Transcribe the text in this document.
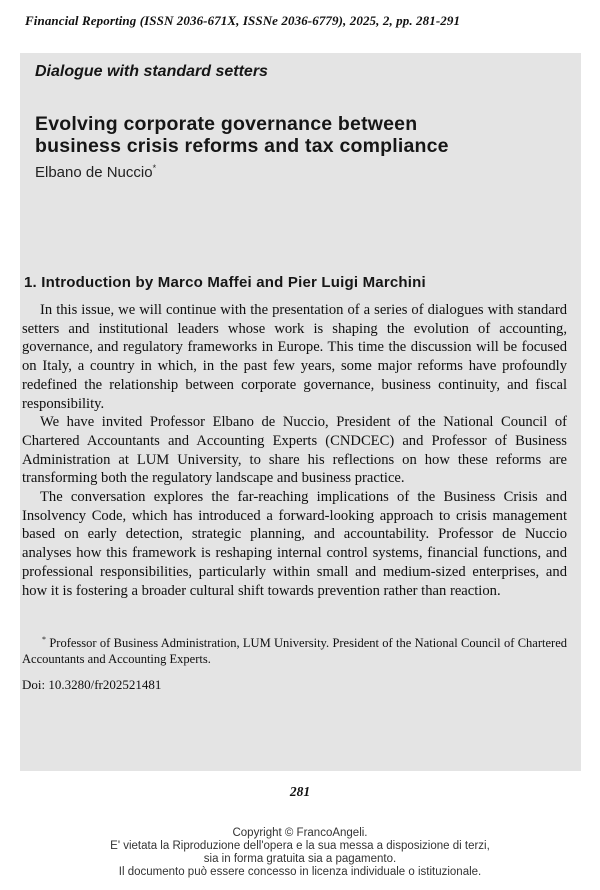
Financial Reporting (ISSN 2036-671X, ISSNe 2036-6779), 2025, 2, pp. 281-291
Dialogue with standard setters
Evolving corporate governance between
business crisis reforms and tax compliance
Elbano de Nuccio*
1. Introduction by Marco Maffei and Pier Luigi Marchini

In this issue, we will continue with the presentation of a series of dialogues with standard setters and institutional leaders whose work is shaping the evolution of accounting, governance, and regulatory frameworks in Europe. This time the discussion will be focused on Italy, a country in which, in the past few years, some major reforms have profoundly redefined the relationship between corporate governance, business continuity, and fiscal responsibility.

We have invited Professor Elbano de Nuccio, President of the National Council of Chartered Accountants and Accounting Experts (CNDCEC) and Professor of Business Administration at LUM University, to share his reflections on how these reforms are transforming both the regulatory landscape and business practice.

The conversation explores the far-reaching implications of the Business Crisis and Insolvency Code, which has introduced a forward-looking approach to crisis management based on early detection, strategic planning, and accountability. Professor de Nuccio analyses how this framework is reshaping internal control systems, financial functions, and professional responsibilities, particularly within small and medium-sized enterprises, and how it is fostering a broader cultural shift towards prevention rather than reaction.

* Professor of Business Administration, LUM University. President of the National Council of Chartered Accountants and Accounting Experts.
Doi: 10.3280/fr202521481
281
Copyright © FrancoAngeli.
E' vietata la Riproduzione dell'opera e la sua messa a disposizione di terzi,
sia in forma gratuita sia a pagamento.
Il documento può essere concesso in licenza individuale o istituzionale.
